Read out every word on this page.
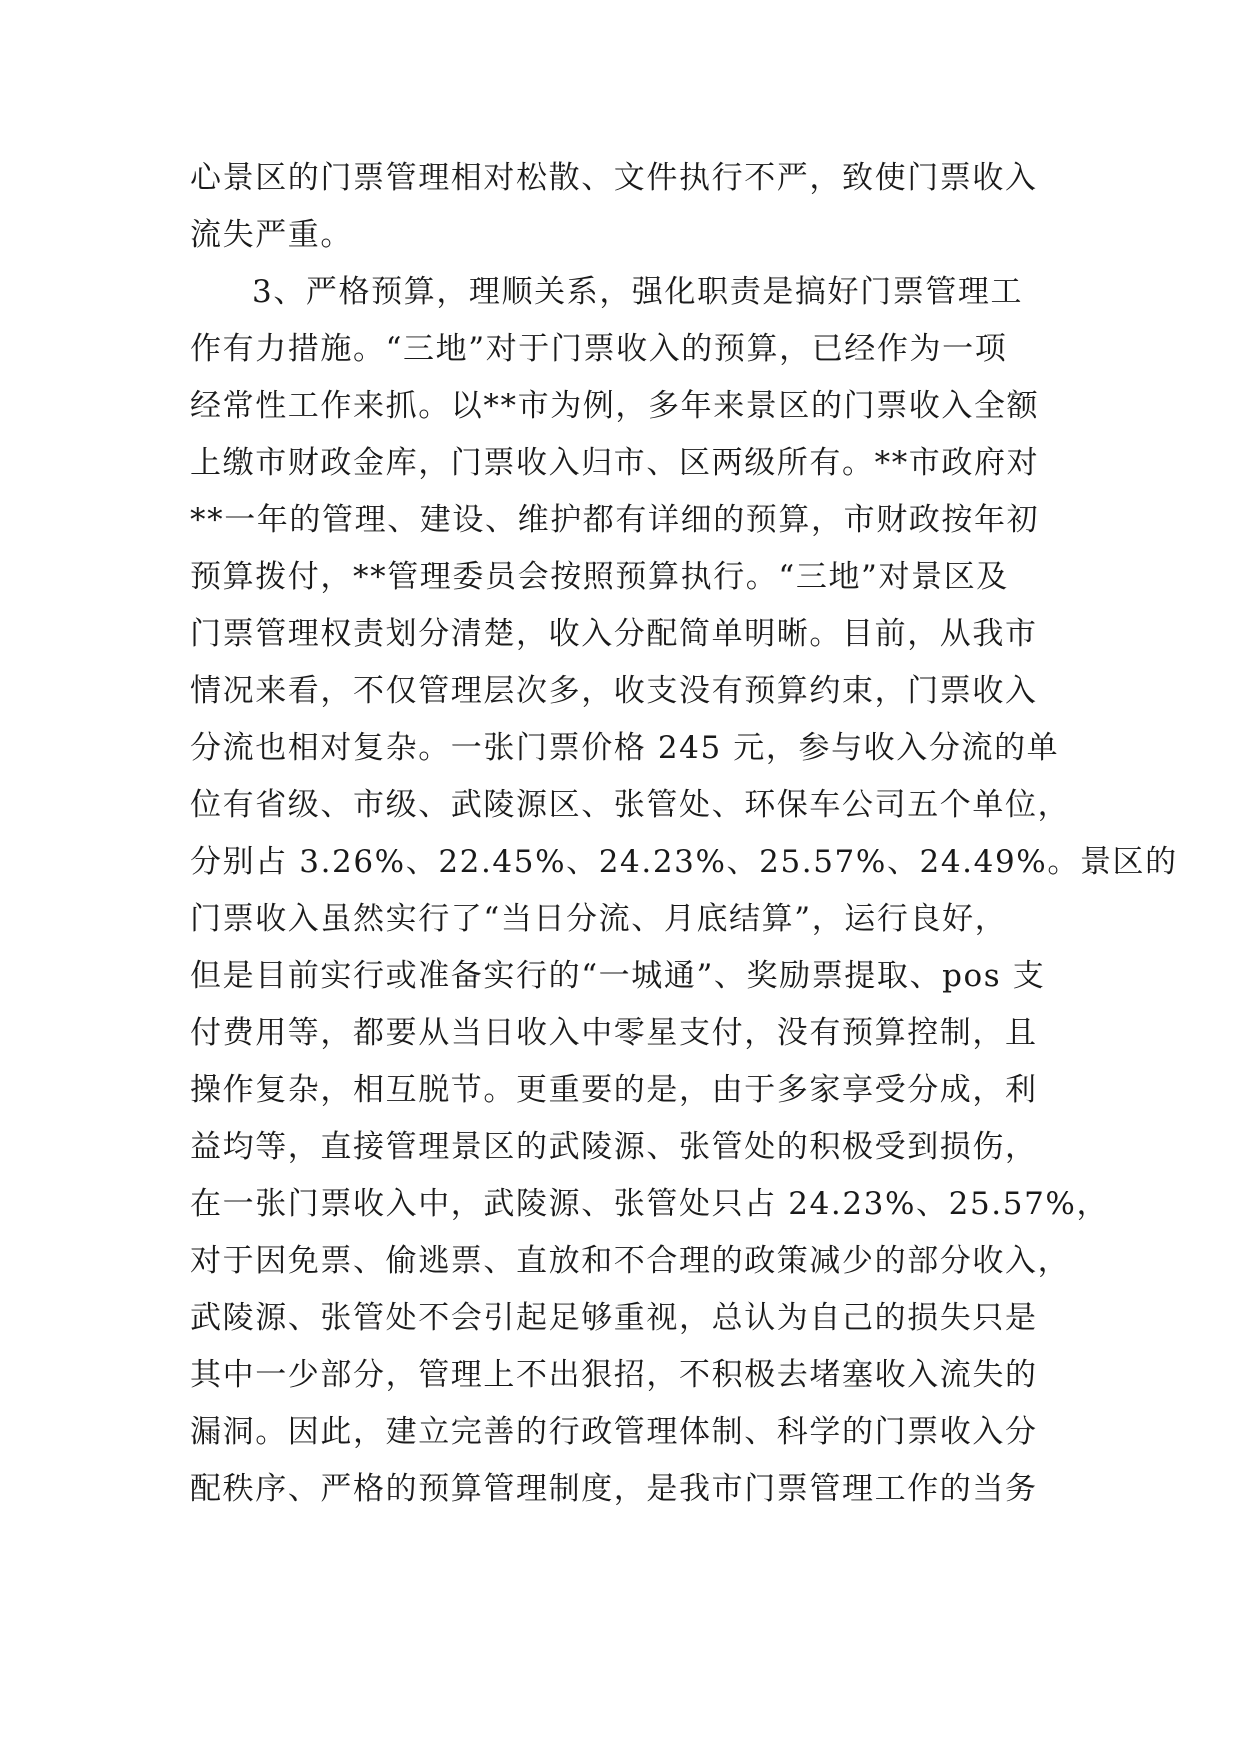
心景区的门票管理相对松散、文件执行不严，致使门票收入
流失严重。
3、严格预算，理顺关系，强化职责是搞好门票管理工
作有力措施。“三地”对于门票收入的预算，已经作为一项
经常性工作来抓。以**市为例，多年来景区的门票收入全额
上缴市财政金库，门票收入归市、区两级所有。**市政府对
**一年的管理、建设、维护都有详细的预算，市财政按年初
预算拨付，**管理委员会按照预算执行。“三地”对景区及
门票管理权责划分清楚，收入分配简单明晰。目前，从我市
情况来看，不仅管理层次多，收支没有预算约束，门票收入
分流也相对复杂。一张门票价格 245 元，参与收入分流的单
位有省级、市级、武陵源区、张管处、环保车公司五个单位，
分别占 3.26%、22.45%、24.23%、25.57%、24.49%。景区的
门票收入虽然实行了“当日分流、月底结算”，运行良好，
但是目前实行或准备实行的“一城通”、奖励票提取、pos 支
付费用等，都要从当日收入中零星支付，没有预算控制，且
操作复杂，相互脱节。更重要的是，由于多家享受分成，利
益均等，直接管理景区的武陵源、张管处的积极受到损伤，
在一张门票收入中，武陵源、张管处只占 24.23%、25.57%，
对于因免票、偷逃票、直放和不合理的政策减少的部分收入，
武陵源、张管处不会引起足够重视，总认为自己的损失只是
其中一少部分，管理上不出狠招，不积极去堵塞收入流失的
漏洞。因此，建立完善的行政管理体制、科学的门票收入分
配秩序、严格的预算管理制度，是我市门票管理工作的当务
